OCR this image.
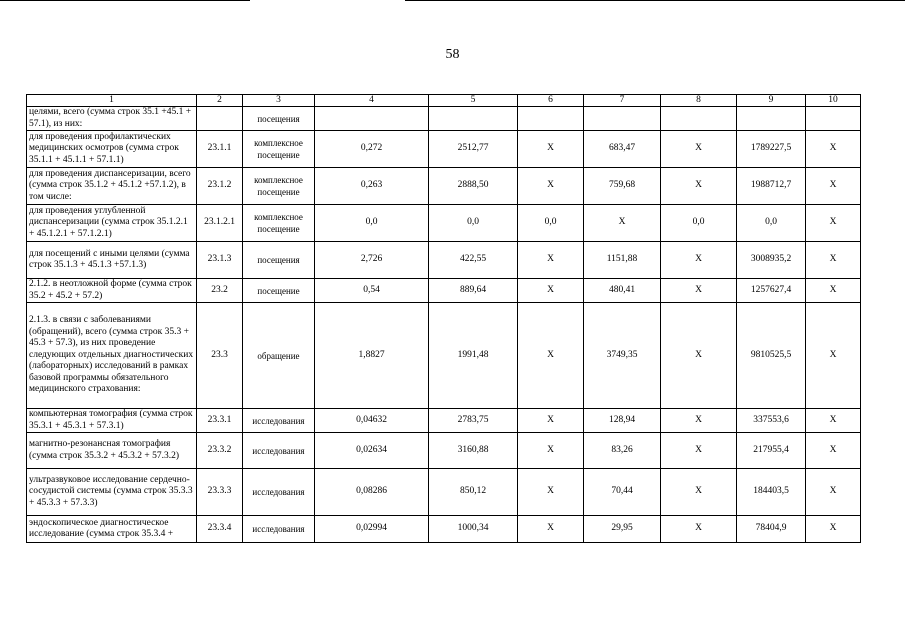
58
1	2	3	4	5	6	7	8	9	10
целями, всего (сумма строк 35.1 +45.1 + 57.1), из них:		посещения							
для проведения профилактических медицинских осмотров (сумма строк 35.1.1 + 45.1.1 + 57.1.1)	23.1.1	комплексное посещение	0,272	2512,77	X	683,47	X	1789227,5	X
для проведения диспансеризации, всего (сумма строк 35.1.2 + 45.1.2 +57.1.2), в том числе:	23.1.2	комплексное посещение	0,263	2888,50	X	759,68	X	1988712,7	X
для проведения углубленной диспансеризации (сумма строк 35.1.2.1 + 45.1.2.1 + 57.1.2.1)	23.1.2.1	комплексное посещение	0,0	0,0	0,0	X	0,0	0,0	X
для посещений с иными целями (сумма строк 35.1.3 + 45.1.3 +57.1.3)	23.1.3	посещения	2,726	422,55	X	1151,88	X	3008935,2	X
2.1.2. в неотложной форме (сумма строк 35.2 + 45.2 + 57.2)	23.2	посещение	0,54	889,64	X	480,41	X	1257627,4	X
2.1.3. в связи с заболеваниями (обращений), всего (сумма строк 35.3 + 45.3 + 57.3), из них проведение следующих отдельных диагностических (лабораторных) исследований в рамках базовой программы обязательного медицинского страхования:	23.3	обращение	1,8827	1991,48	X	3749,35	X	9810525,5	X
компьютерная томография (сумма строк 35.3.1 + 45.3.1 + 57.3.1)	23.3.1	исследования	0,04632	2783,75	X	128,94	X	337553,6	X
магнитно-резонансная томография (сумма строк 35.3.2 + 45.3.2 + 57.3.2)	23.3.2	исследования	0,02634	3160,88	X	83,26	X	217955,4	X
ультразвуковое исследование сердечно-сосудистой системы (сумма строк 35.3.3 + 45.3.3 + 57.3.3)	23.3.3	исследования	0,08286	850,12	X	70,44	X	184403,5	X
эндоскопическое диагностическое исследование (сумма строк 35.3.4 +	23.3.4	исследования	0,02994	1000,34	X	29,95	X	78404,9	X
